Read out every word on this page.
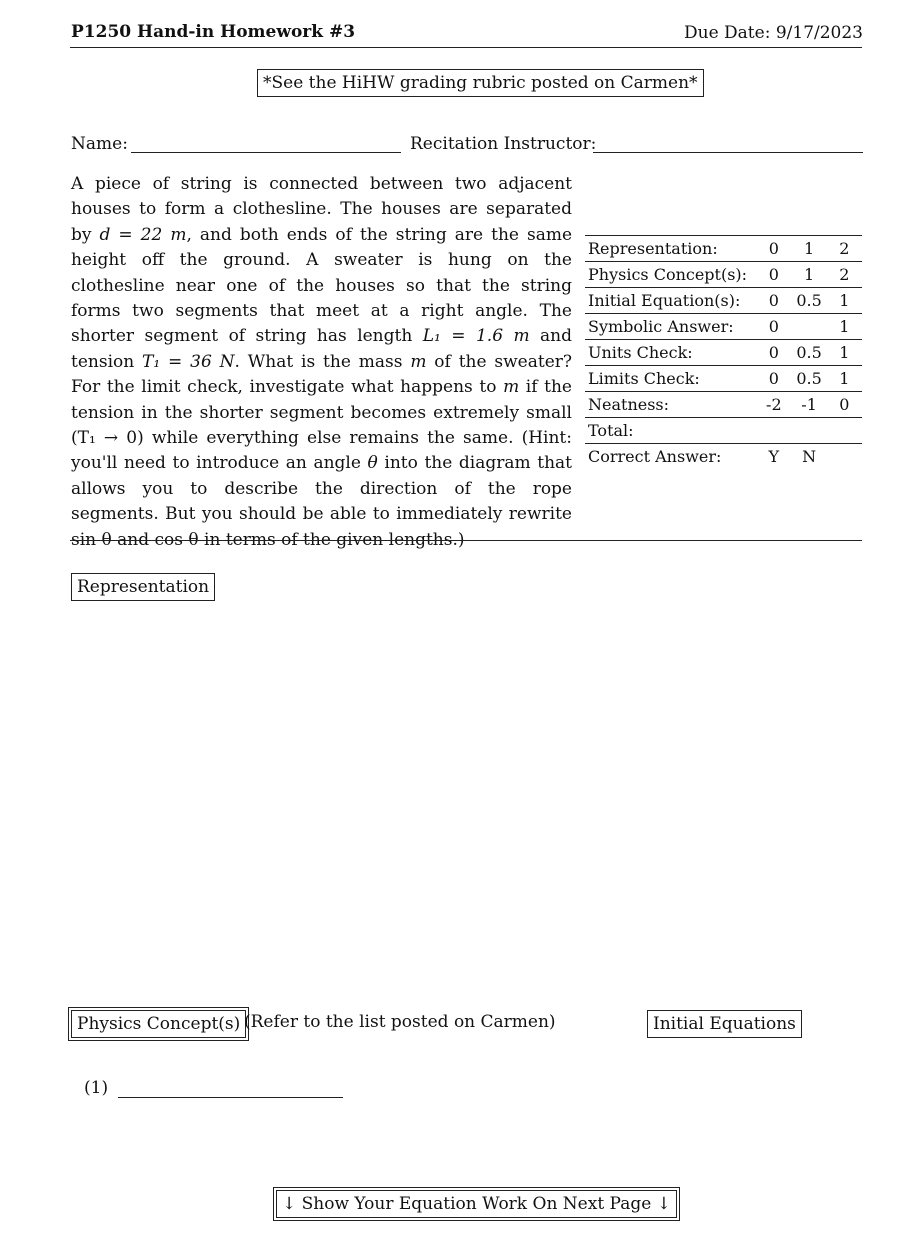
P1250 Hand-in Homework #3	Due Date: 9/17/2023
*See the HiHW grading rubric posted on Carmen*
Name:	Recitation Instructor:

A piece of string is connected between two adjacent houses to form a clothesline. The houses are separated by d = 22 m, and both ends of the string are the same height off the ground. A sweater is hung on the clothesline near one of the houses so that the string forms two segments that meet at a right angle. The shorter segment of string has length L₁ = 1.6 m and tension T₁ = 36 N. What is the mass m of the sweater? For the limit check, investigate what happens to m if the tension in the shorter segment becomes extremely small (T₁ → 0) while everything else remains the same. (Hint: you'll need to introduce an angle θ into the diagram that allows you to describe the direction of the rope segments. But you should be able to immediately rewrite sin θ and cos θ in terms of the given lengths.)

Representation:	0	1	2
Physics Concept(s):	0	1	2
Initial Equation(s):	0	0.5	1
Symbolic Answer:	0		1
Units Check:	0	0.5	1
Limits Check:	0	0.5	1
Neatness:	-2	-1	0
Total:			
Correct Answer:	Y	N	
Representation
Physics Concept(s) (Refer to the list posted on Carmen)	Initial Equations
(1)
↓ Show Your Equation Work On Next Page ↓
